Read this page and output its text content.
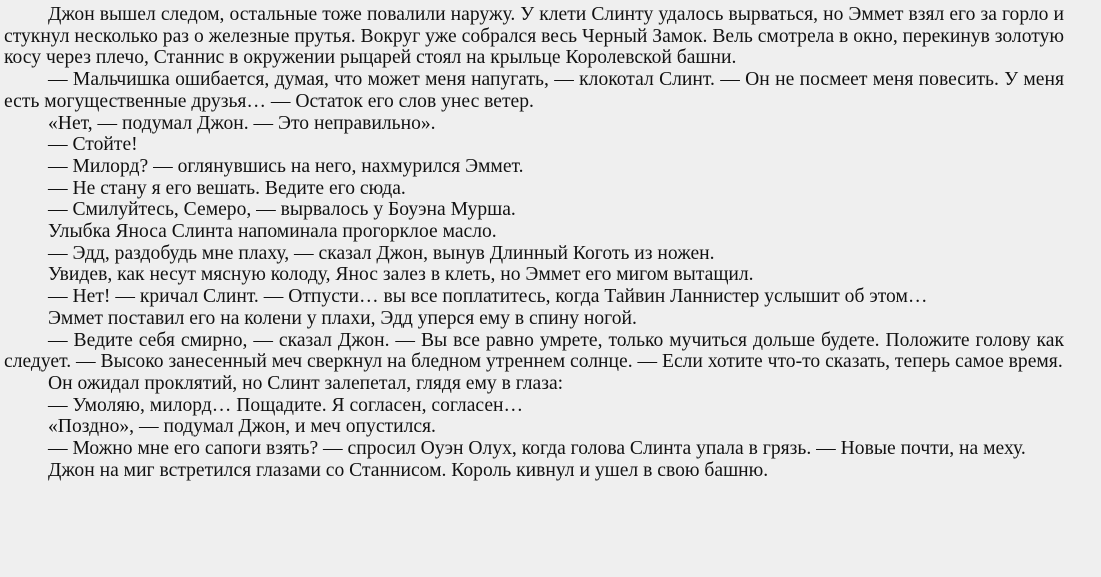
Джон вышел следом, остальные тоже повалили наружу. У клети Слинту удалось вырваться, но Эммет взял его за горло и стукнул несколько раз о железные прутья. Вокруг уже собрался весь Черный Замок. Вель смотрела в окно, перекинув золотую косу через плечо, Станнис в окружении рыцарей стоял на крыльце Королевской башни.

— Мальчишка ошибается, думая, что может меня напугать, — клокотал Слинт. — Он не посмеет меня повесить. У меня есть могущественные друзья… — Остаток его слов унес ветер.

«Нет, — подумал Джон. — Это неправильно».

— Стойте!

— Милорд? — оглянувшись на него, нахмурился Эммет.

— Не стану я его вешать. Ведите его сюда.

— Смилуйтесь, Семеро, — вырвалось у Боуэна Мурша.

Улыбка Яноса Слинта напоминала прогорклое масло.

— Эдд, раздобудь мне плаху, — сказал Джон, вынув Длинный Коготь из ножен.

Увидев, как несут мясную колоду, Янос залез в клеть, но Эммет его мигом вытащил.

— Нет! — кричал Слинт. — Отпусти… вы все поплатитесь, когда Тайвин Ланнистер услышит об этом…

Эммет поставил его на колени у плахи, Эдд уперся ему в спину ногой.

— Ведите себя смирно, — сказал Джон. — Вы все равно умрете, только мучиться дольше будете. Положите голову как следует. — Высоко занесенный меч сверкнул на бледном утреннем солнце. — Если хотите что-то сказать, теперь самое время.

Он ожидал проклятий, но Слинт залепетал, глядя ему в глаза:

— Умоляю, милорд… Пощадите. Я согласен, согласен…

«Поздно», — подумал Джон, и меч опустился.

— Можно мне его сапоги взять? — спросил Оуэн Олух, когда голова Слинта упала в грязь. — Новые почти, на меху.

Джон на миг встретился глазами со Станнисом. Король кивнул и ушел в свою башню.
